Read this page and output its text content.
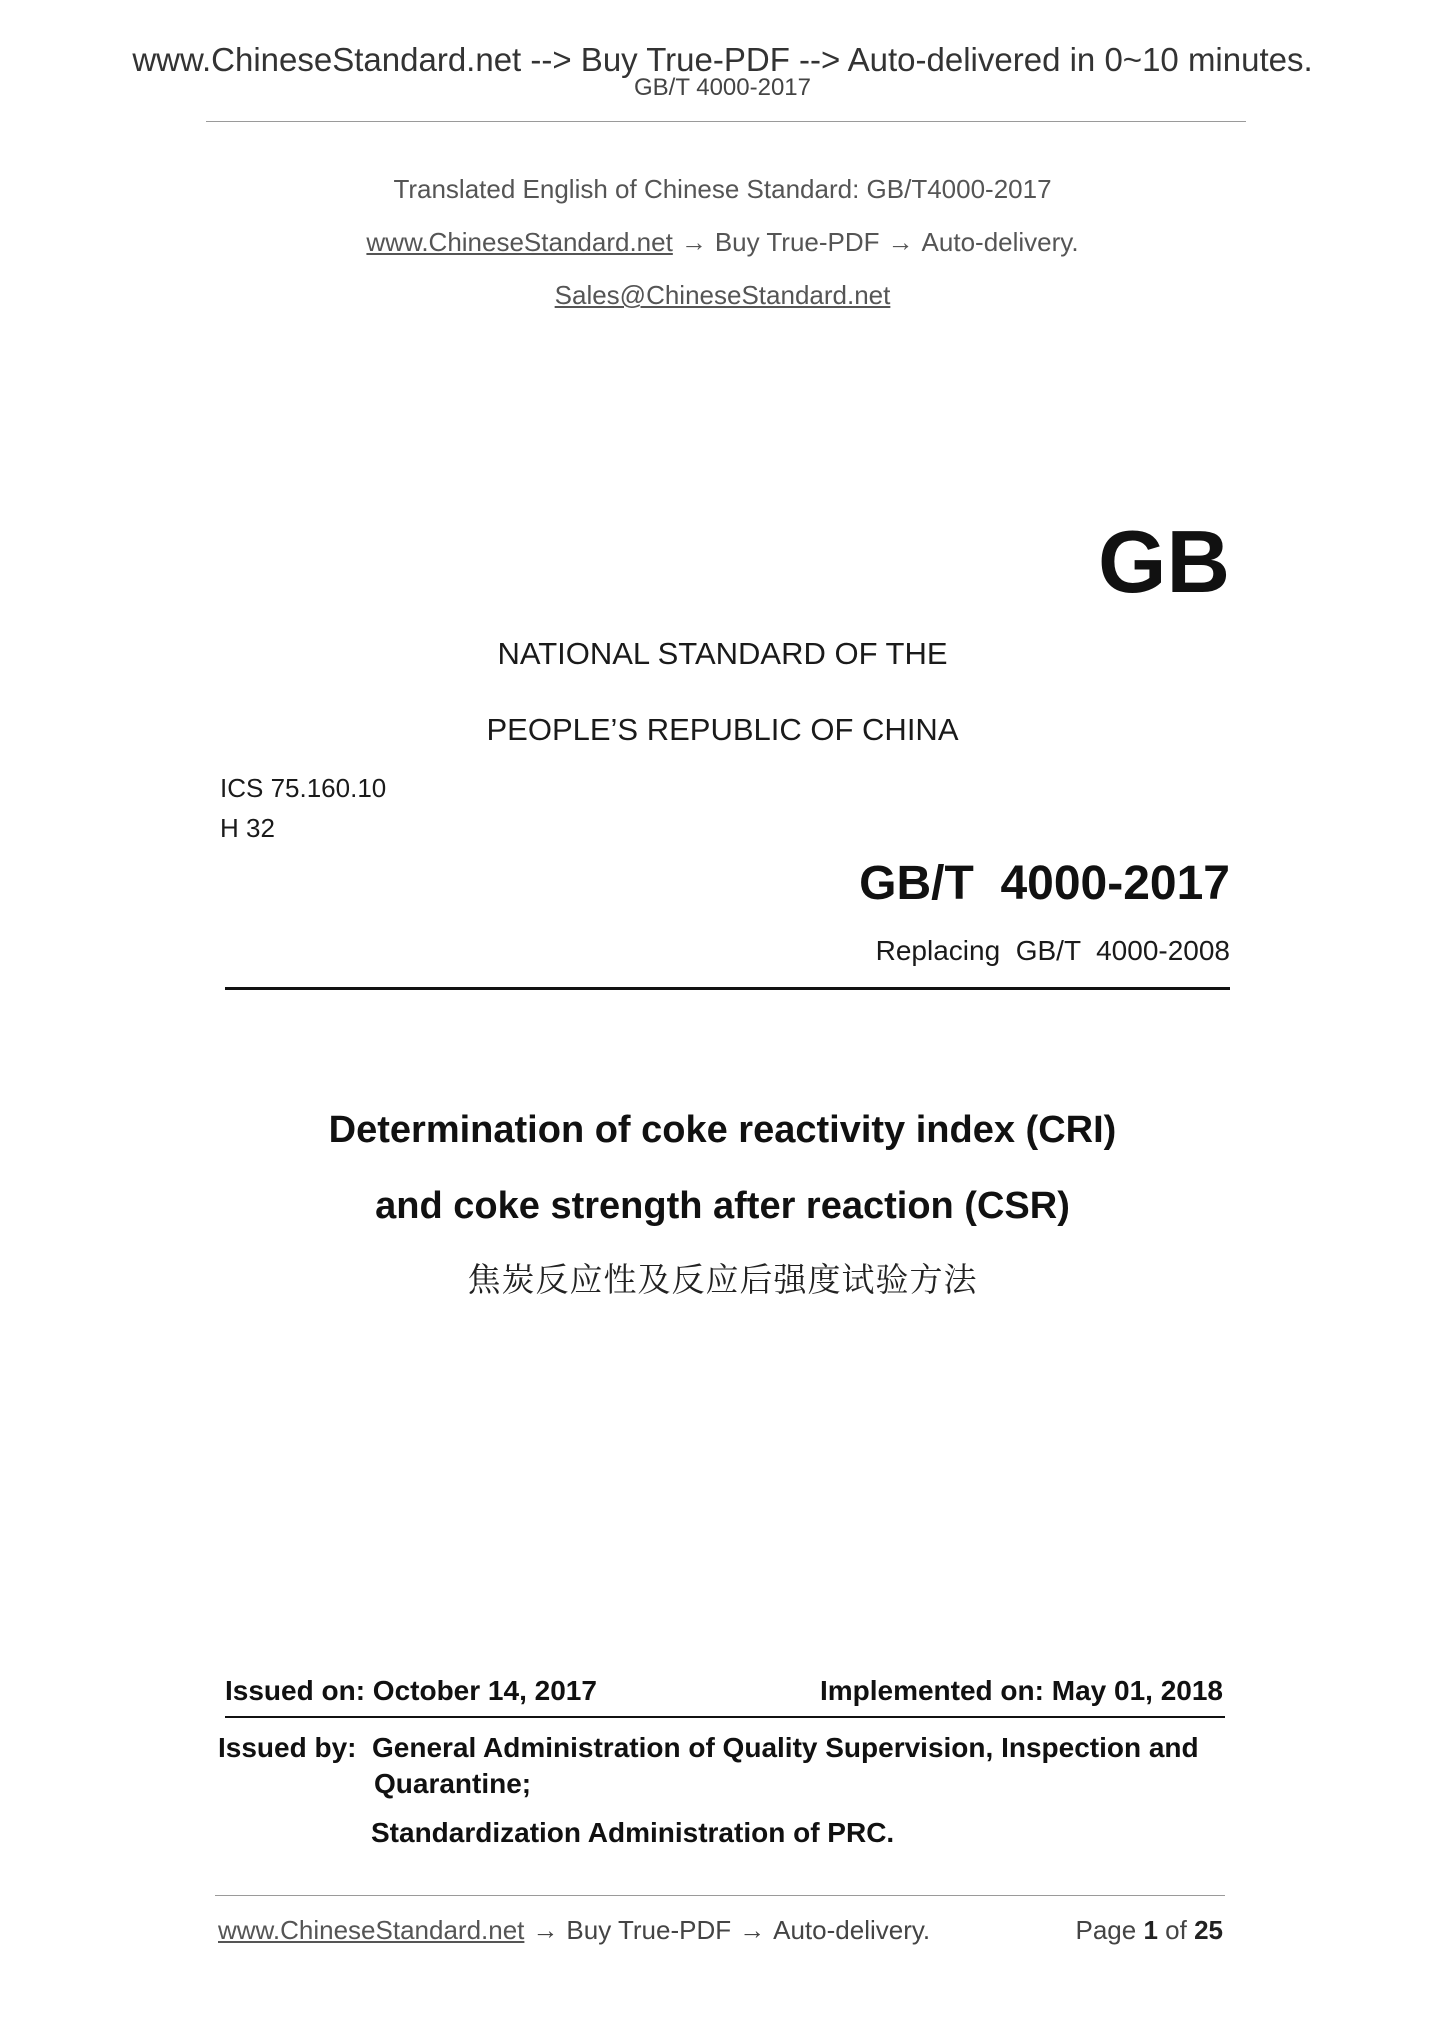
www.ChineseStandard.net --> Buy True-PDF --> Auto-delivered in 0~10 minutes.
GB/T 4000-2017
Translated English of Chinese Standard: GB/T4000-2017
www.ChineseStandard.net → Buy True-PDF → Auto-delivery.
Sales@ChineseStandard.net
GB
NATIONAL STANDARD OF THE
PEOPLE’S REPUBLIC OF CHINA
ICS 75.160.10
H 32
GB/T  4000-2017
Replacing  GB/T  4000-2008
Determination of coke reactivity index (CRI)
and coke strength after reaction (CSR)
焦炭反应性及反应后强度试验方法
Issued on: October 14, 2017	Implemented on: May 01, 2018
Issued by: General Administration of Quality Supervision, Inspection and
Quarantine;
Standardization Administration of PRC.
www.ChineseStandard.net → Buy True-PDF → Auto-delivery.	Page 1 of 25
